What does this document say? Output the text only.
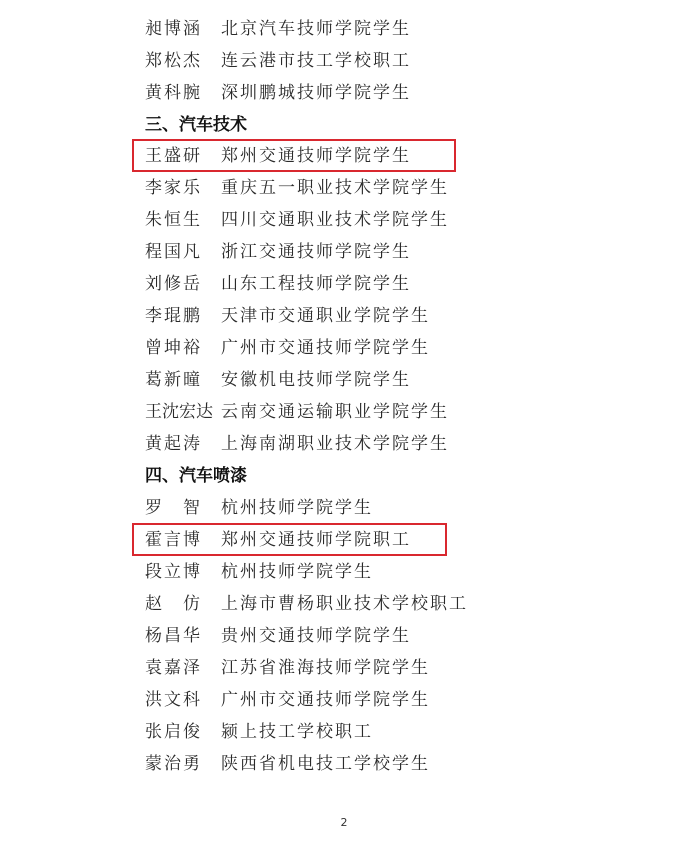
昶博涵 北京汽车技师学院学生
郑松杰 连云港市技工学校职工
黄科腕 深圳鹏城技师学院学生
三、汽车技术
王盛研 郑州交通技师学院学生
李家乐 重庆五一职业技术学院学生
朱恒生 四川交通职业技术学院学生
程国凡 浙江交通技师学院学生
刘修岳 山东工程技师学院学生
李琨鹏 天津市交通职业学院学生
曾坤裕 广州市交通技师学院学生
葛新曈 安徽机电技师学院学生
王沈宏达 云南交通运输职业学院学生
黄起涛 上海南湖职业技术学院学生
四、汽车喷漆
罗　智 杭州技师学院学生
霍言博 郑州交通技师学院职工
段立博 杭州技师学院学生
赵　仿 上海市曹杨职业技术学校职工
杨昌华 贵州交通技师学院学生
袁嘉泽 江苏省淮海技师学院学生
洪文科 广州市交通技师学院学生
张启俊 颍上技工学校职工
蒙治勇 陕西省机电技工学校学生
2
